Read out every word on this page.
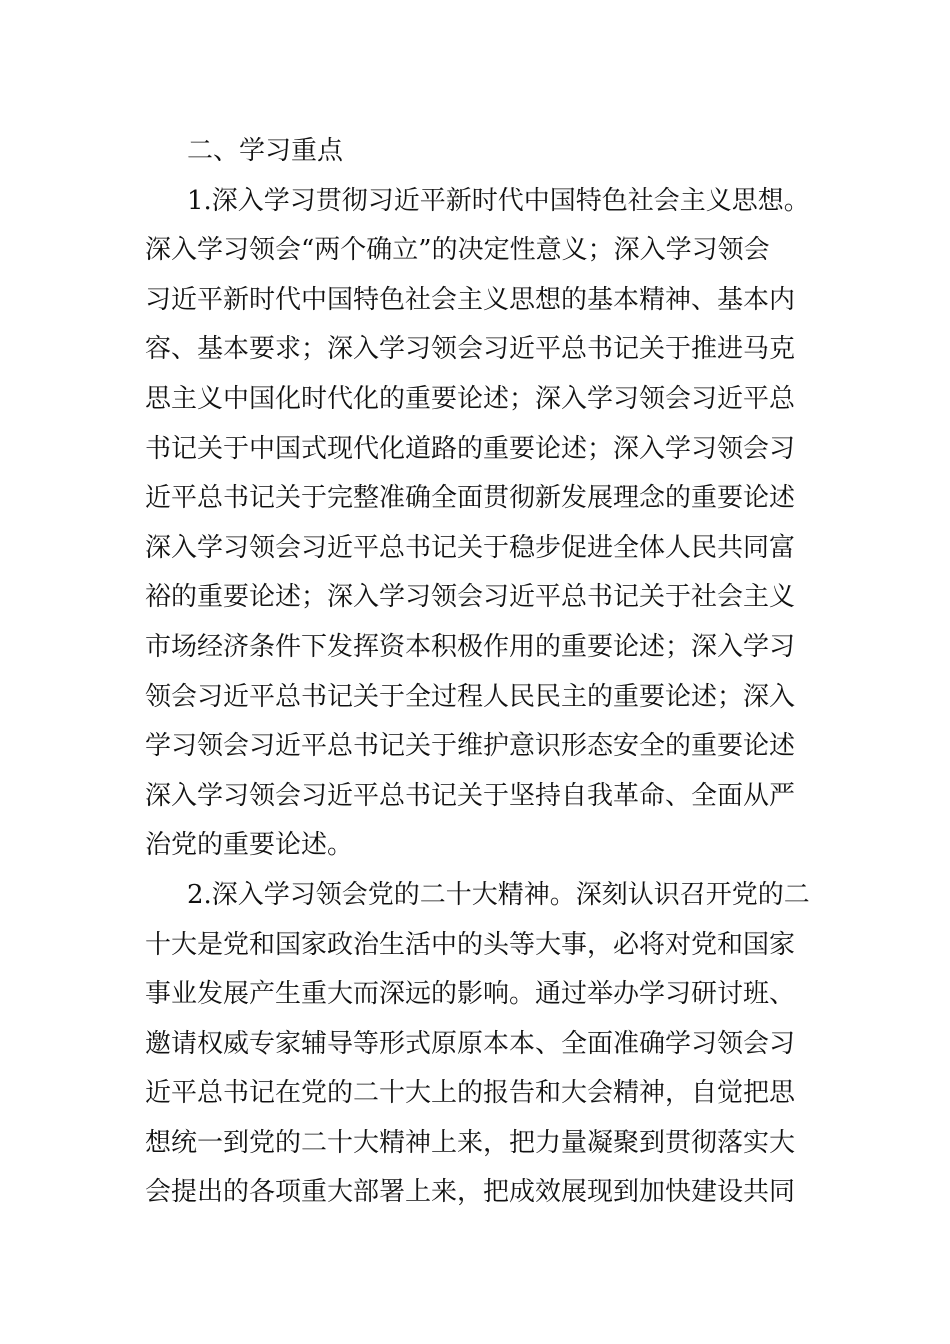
二、学习重点
1.深入学习贯彻习近平新时代中国特色社会主义思想。
深入学习领会“两个确立”的决定性意义；深入学习领会
习近平新时代中国特色社会主义思想的基本精神、基本内
容、基本要求；深入学习领会习近平总书记关于推进马克
思主义中国化时代化的重要论述；深入学习领会习近平总
书记关于中国式现代化道路的重要论述；深入学习领会习
近平总书记关于完整准确全面贯彻新发展理念的重要论述
深入学习领会习近平总书记关于稳步促进全体人民共同富
裕的重要论述；深入学习领会习近平总书记关于社会主义
市场经济条件下发挥资本积极作用的重要论述；深入学习
领会习近平总书记关于全过程人民民主的重要论述；深入
学习领会习近平总书记关于维护意识形态安全的重要论述
深入学习领会习近平总书记关于坚持自我革命、全面从严
治党的重要论述。
2.深入学习领会党的二十大精神。深刻认识召开党的二
十大是党和国家政治生活中的头等大事，必将对党和国家
事业发展产生重大而深远的影响。通过举办学习研讨班、
邀请权威专家辅导等形式原原本本、全面准确学习领会习
近平总书记在党的二十大上的报告和大会精神，自觉把思
想统一到党的二十大精神上来，把力量凝聚到贯彻落实大
会提出的各项重大部署上来，把成效展现到加快建设共同
